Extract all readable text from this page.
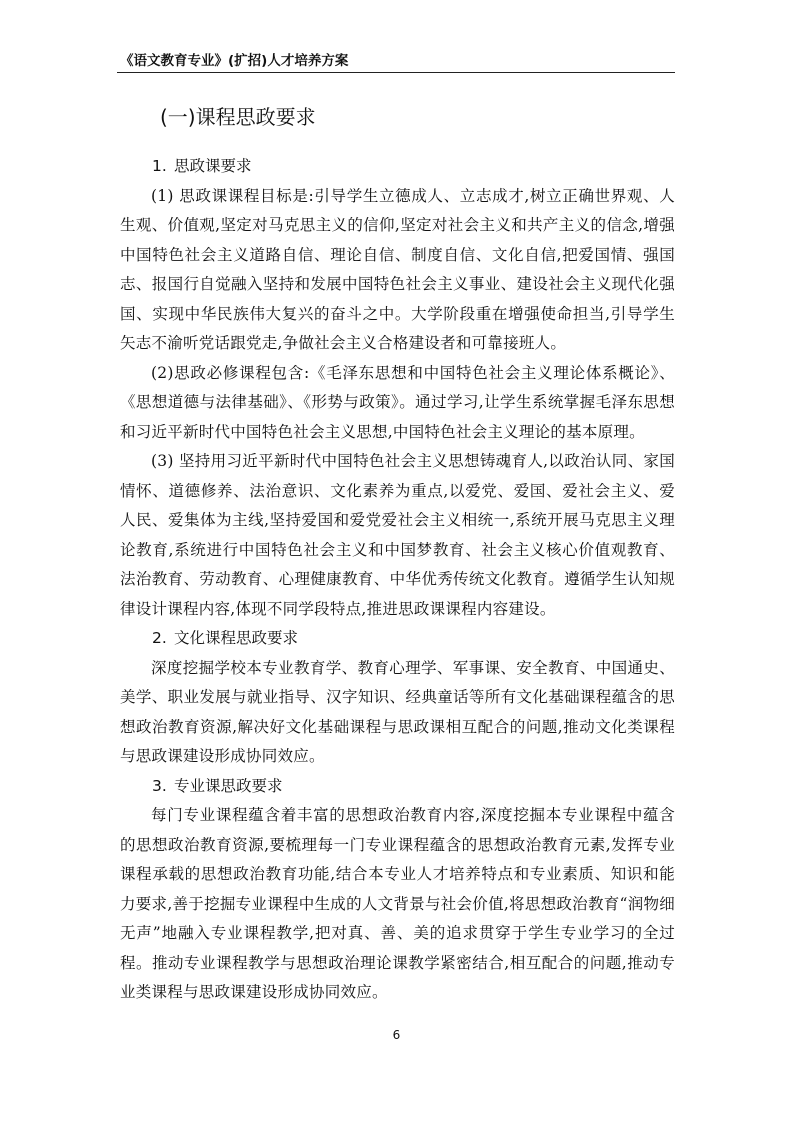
《语文教育专业》(扩招)人才培养方案
(一)课程思政要求
1. 思政课要求

(1) 思政课课程目标是:引导学生立德成人、立志成才,树立正确世界观、人生观、价值观,坚定对马克思主义的信仰,坚定对社会主义和共产主义的信念,增强中国特色社会主义道路自信、理论自信、制度自信、文化自信,把爱国情、强国志、报国行自觉融入坚持和发展中国特色社会主义事业、建设社会主义现代化强国、实现中华民族伟大复兴的奋斗之中。大学阶段重在增强使命担当,引导学生矢志不渝听党话跟党走,争做社会主义合格建设者和可靠接班人。

(2)思政必修课程包含:《毛泽东思想和中国特色社会主义理论体系概论》、《思想道德与法律基础》、《形势与政策》。通过学习,让学生系统掌握毛泽东思想和习近平新时代中国特色社会主义思想,中国特色社会主义理论的基本原理。

(3) 坚持用习近平新时代中国特色社会主义思想铸魂育人,以政治认同、家国情怀、道德修养、法治意识、文化素养为重点,以爱党、爱国、爱社会主义、爱人民、爱集体为主线,坚持爱国和爱党爱社会主义相统一,系统开展马克思主义理论教育,系统进行中国特色社会主义和中国梦教育、社会主义核心价值观教育、法治教育、劳动教育、心理健康教育、中华优秀传统文化教育。遵循学生认知规律设计课程内容,体现不同学段特点,推进思政课课程内容建设。

2. 文化课程思政要求

深度挖掘学校本专业教育学、教育心理学、军事课、安全教育、中国通史、美学、职业发展与就业指导、汉字知识、经典童话等所有文化基础课程蕴含的思想政治教育资源,解决好文化基础课程与思政课相互配合的问题,推动文化类课程与思政课建设形成协同效应。

3. 专业课思政要求

每门专业课程蕴含着丰富的思想政治教育内容,深度挖掘本专业课程中蕴含的思想政治教育资源,要梳理每一门专业课程蕴含的思想政治教育元素,发挥专业课程承载的思想政治教育功能,结合本专业人才培养特点和专业素质、知识和能力要求,善于挖掘专业课程中生成的人文背景与社会价值,将思想政治教育“润物细无声”地融入专业课程教学,把对真、善、美的追求贯穿于学生专业学习的全过程。推动专业课程教学与思想政治理论课教学紧密结合,相互配合的问题,推动专业类课程与思政课建设形成协同效应。

6
